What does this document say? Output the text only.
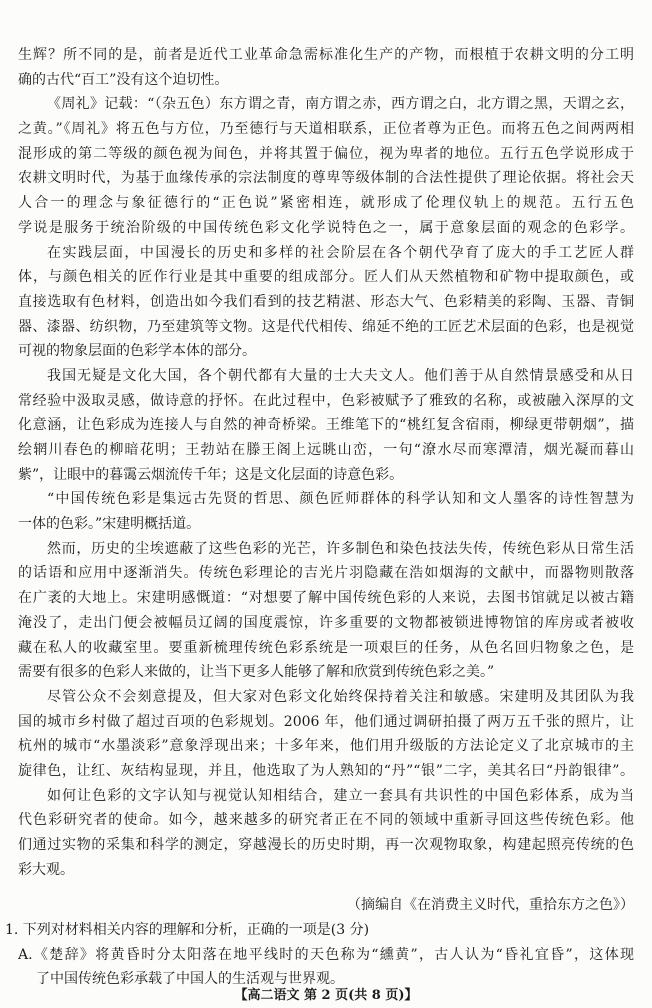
生辉？所不同的是，前者是近代工业革命急需标准化生产的产物，而根植于农耕文明的分工明
确的古代“百工”没有这个迫切性。
《周礼》记载：“（杂五色）东方谓之青，南方谓之赤，西方谓之白，北方谓之黑，天谓之玄，
之黄。”《周礼》将五色与方位，乃至德行与天道相联系，正位者尊为正色。而将五色之间两两相
混形成的第二等级的颜色视为间色，并将其置于偏位，视为卑者的地位。五行五色学说形成于
农耕文明时代，为基于血缘传承的宗法制度的尊卑等级体制的合法性提供了理论依据。将社会天
人合一的理念与象征德行的“正色说”紧密相连，就形成了伦理仪轨上的规范。五行五色
学说是服务于统治阶级的中国传统色彩文化学说特色之一，属于意象层面的观念的色彩学。
在实践层面，中国漫长的历史和多样的社会阶层在各个朝代孕育了庞大的手工艺匠人群
体，与颜色相关的匠作行业是其中重要的组成部分。匠人们从天然植物和矿物中提取颜色，或
直接选取有色材料，创造出如今我们看到的技艺精湛、形态大气、色彩精美的彩陶、玉器、青铜
器、漆器、纺织物，乃至建筑等文物。这是代代相传、绵延不绝的工匠艺术层面的色彩，也是视觉
可视的物象层面的色彩学本体的部分。
我国无疑是文化大国，各个朝代都有大量的士大夫文人。他们善于从自然情景感受和从日
常经验中汲取灵感，做诗意的抒怀。在此过程中，色彩被赋予了雅致的名称，或被融入深厚的文
化意涵，让色彩成为连接人与自然的神奇桥梁。王维笔下的“桃红复含宿雨，柳绿更带朝烟”，描
绘辋川春色的柳暗花明；王勃站在滕王阁上远眺山峦，一句“潦水尽而寒潭清，烟光凝而暮山
紫”，让眼中的暮霭云烟流传千年；这是文化层面的诗意色彩。
“中国传统色彩是集远古先贤的哲思、颜色匠师群体的科学认知和文人墨客的诗性智慧为
一体的色彩。”宋建明概括道。
然而，历史的尘埃遮蔽了这些色彩的光芒，许多制色和染色技法失传，传统色彩从日常生活
的话语和应用中逐渐消失。传统色彩理论的吉光片羽隐藏在浩如烟海的文献中，而器物则散落
在广袤的大地上。宋建明感慨道：“对想要了解中国传统色彩的人来说，去图书馆就足以被古籍
淹没了，走出门便会被幅员辽阔的国度震惊，许多重要的文物都被锁进博物馆的库房或者被收
藏在私人的收藏室里。要重新梳理传统色彩系统是一项艰巨的任务，从色名回归物象之色，是
需要有很多的色彩人来做的，让当下更多人能够了解和欣赏到传统色彩之美。”
尽管公众不会刻意提及，但大家对色彩文化始终保持着关注和敏感。宋建明及其团队为我
国的城市乡村做了超过百项的色彩规划。2006 年，他们通过调研拍摄了两万五千张的照片，让
杭州的城市“水墨淡彩”意象浮现出来；十多年来，他们用升级版的方法论定义了北京城市的主
旋律色，让红、灰结构显现，并且，他选取了为人熟知的“丹”“银”二字，美其名曰“丹韵银律”。
如何让色彩的文字认知与视觉认知相结合，建立一套具有共识性的中国色彩体系，成为当
代色彩研究者的使命。如今，越来越多的研究者正在不同的领域中重新寻回这些传统色彩。他
们通过实物的采集和科学的测定，穿越漫长的历史时期，再一次观物取象，构建起照亮传统的色
彩大观。
（摘编自《在消费主义时代，重拾东方之色》）
1. 下列对材料相关内容的理解和分析，正确的一项是(3 分)
A.《楚辞》将黄昏时分太阳落在地平线时的天色称为“纁黄”，古人认为“昏礼宜昏”，这体现
了中国传统色彩承载了中国人的生活观与世界观。
【高二语文 第 2 页(共 8 页)】
